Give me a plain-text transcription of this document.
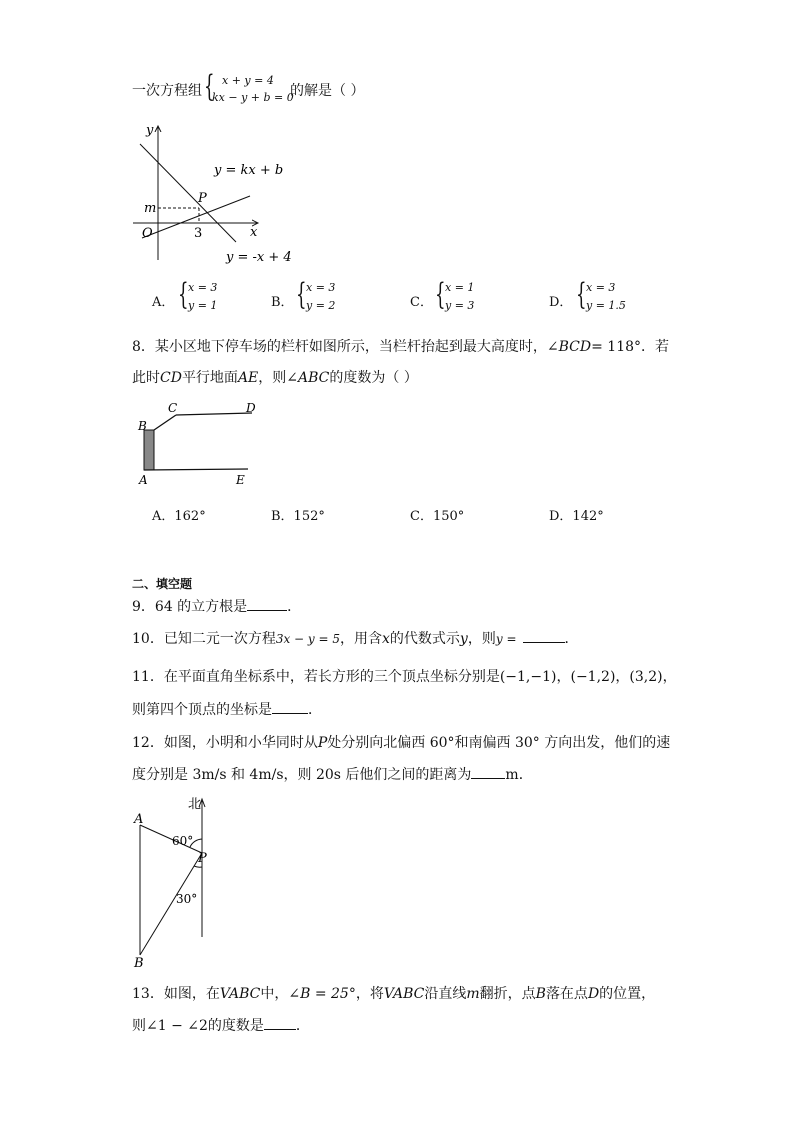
一次方程组 { x + y = 4
kx − y + b = 0
的解是（ ）
y
x
O
m
3
P
y = kx + b
y = -x + 4
A． { x = 3
y = 1	B． { x = 3
y = 2	C． { x = 1
y = 3	D． { x = 3
y = 1.5
8．某小区地下停车场的栏杆如图所示，当栏杆抬起到最大高度时，∠BCD= 118°．若
此时CD平行地面AE，则∠ABC的度数为（ ）
B
C	D
A	E
A．162°	B．152°	C．150°	D．142°
二、填空题
9．64 的立方根是	．
10．已知二元一次方程3x − y = 5，用含x的代数式示y，则y =	．
11．在平面直角坐标系中，若长方形的三个顶点坐标分别是(−1,−1)，(−1,2)，(3,2)，
则第四个顶点的坐标是	．
12．如图，小明和小华同时从P处分别向北偏西 60°和南偏西 30° 方向出发，他们的速
度分别是 3m/s 和 4m/s，则 20s 后他们之间的距离为 m．
北
A
B
P
60°
30°
13．如图，在VABC中，∠B = 25°，将VABC沿直线m翻折，点B落在点D的位置，
则∠1 − ∠2的度数是 ．
